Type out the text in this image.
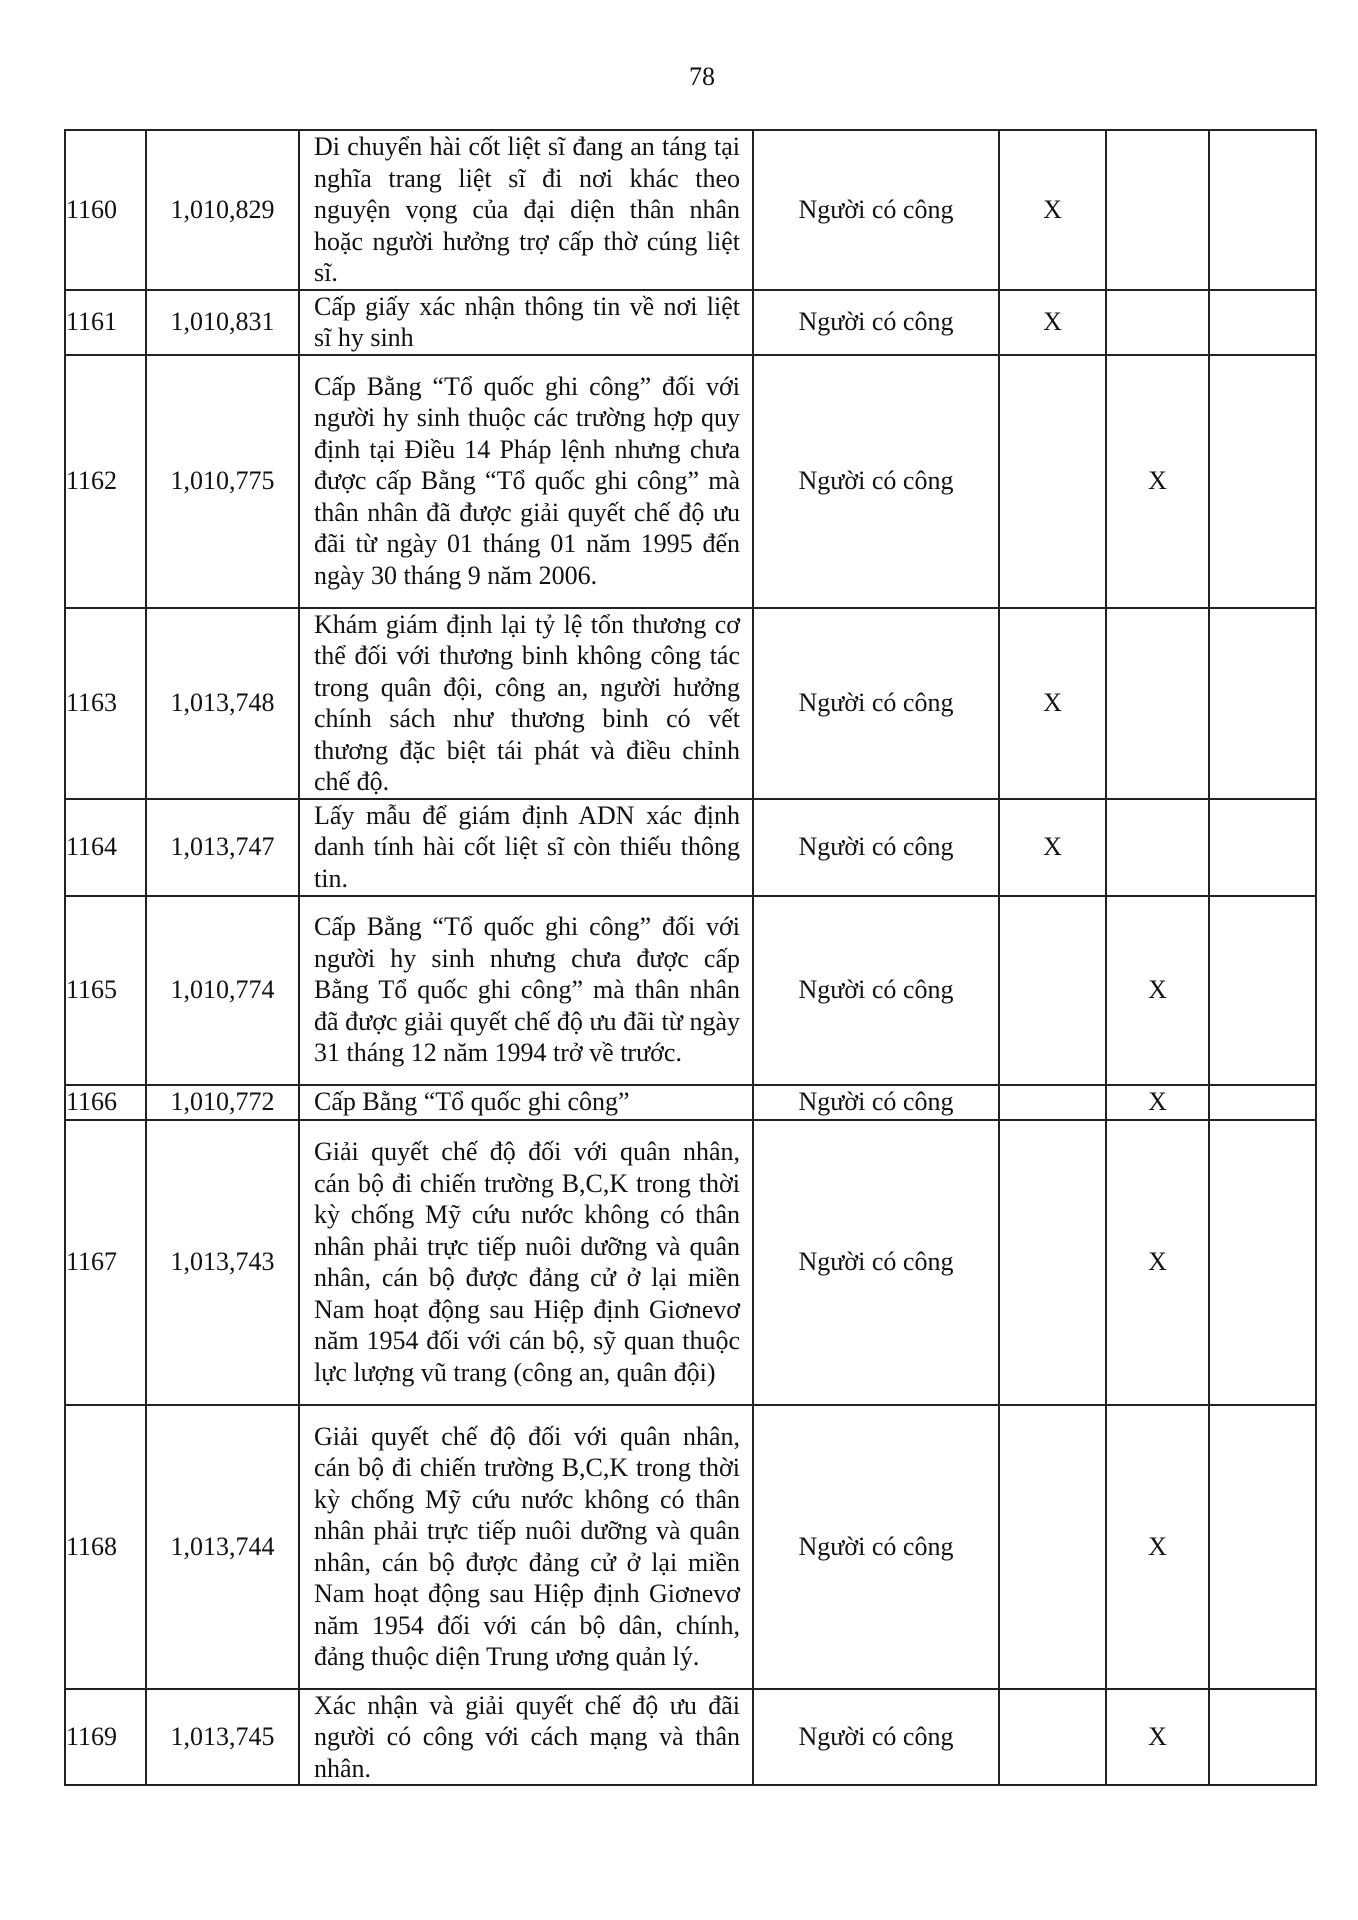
78
1160	1,010,829	Di chuyển hài cốt liệt sĩ đang an táng tại nghĩa trang liệt sĩ đi nơi khác theo nguyện vọng của đại diện thân nhân hoặc người hưởng trợ cấp thờ cúng liệt sĩ.	Người có công	X		

1161	1,010,831	Cấp giấy xác nhận thông tin về nơi liệt sĩ hy sinh	Người có công	X		

1162	1,010,775	Cấp Bằng “Tổ quốc ghi công” đối với người hy sinh thuộc các trường hợp quy định tại Điều 14 Pháp lệnh nhưng chưa được cấp Bằng “Tổ quốc ghi công” mà thân nhân đã được giải quyết chế độ ưu đãi từ ngày 01 tháng 01 năm 1995 đến ngày 30 tháng 9 năm 2006.	Người có công		X	

1163	1,013,748	Khám giám định lại tỷ lệ tổn thương cơ thể đối với thương binh không công tác trong quân đội, công an, người hưởng chính sách như thương binh có vết thương đặc biệt tái phát và điều chỉnh chế độ.	Người có công	X		

1164	1,013,747	Lấy mẫu để giám định ADN xác định danh tính hài cốt liệt sĩ còn thiếu thông tin.	Người có công	X		

1165	1,010,774	Cấp Bằng “Tổ quốc ghi công” đối với người hy sinh nhưng chưa được cấp Bằng Tổ quốc ghi công” mà thân nhân đã được giải quyết chế độ ưu đãi từ ngày 31 tháng 12 năm 1994 trở về trước.	Người có công		X	

1166	1,010,772	Cấp Bằng “Tổ quốc ghi công”	Người có công		X	

1167	1,013,743	Giải quyết chế độ đối với quân nhân, cán bộ đi chiến trường B,C,K trong thời kỳ chống Mỹ cứu nước không có thân nhân phải trực tiếp nuôi dưỡng và quân nhân, cán bộ được đảng cử ở lại miền Nam hoạt động sau Hiệp định Giơnevơ năm 1954 đối với cán bộ, sỹ quan thuộc lực lượng vũ trang (công an, quân đội)	Người có công		X	

1168	1,013,744	Giải quyết chế độ đối với quân nhân, cán bộ đi chiến trường B,C,K trong thời kỳ chống Mỹ cứu nước không có thân nhân phải trực tiếp nuôi dưỡng và quân nhân, cán bộ được đảng cử ở lại miền Nam hoạt động sau Hiệp định Giơnevơ năm 1954 đối với cán bộ dân, chính, đảng thuộc diện Trung ương quản lý.	Người có công		X	

1169	1,013,745	Xác nhận và giải quyết chế độ ưu đãi người có công với cách mạng và thân nhân.	Người có công		X	
